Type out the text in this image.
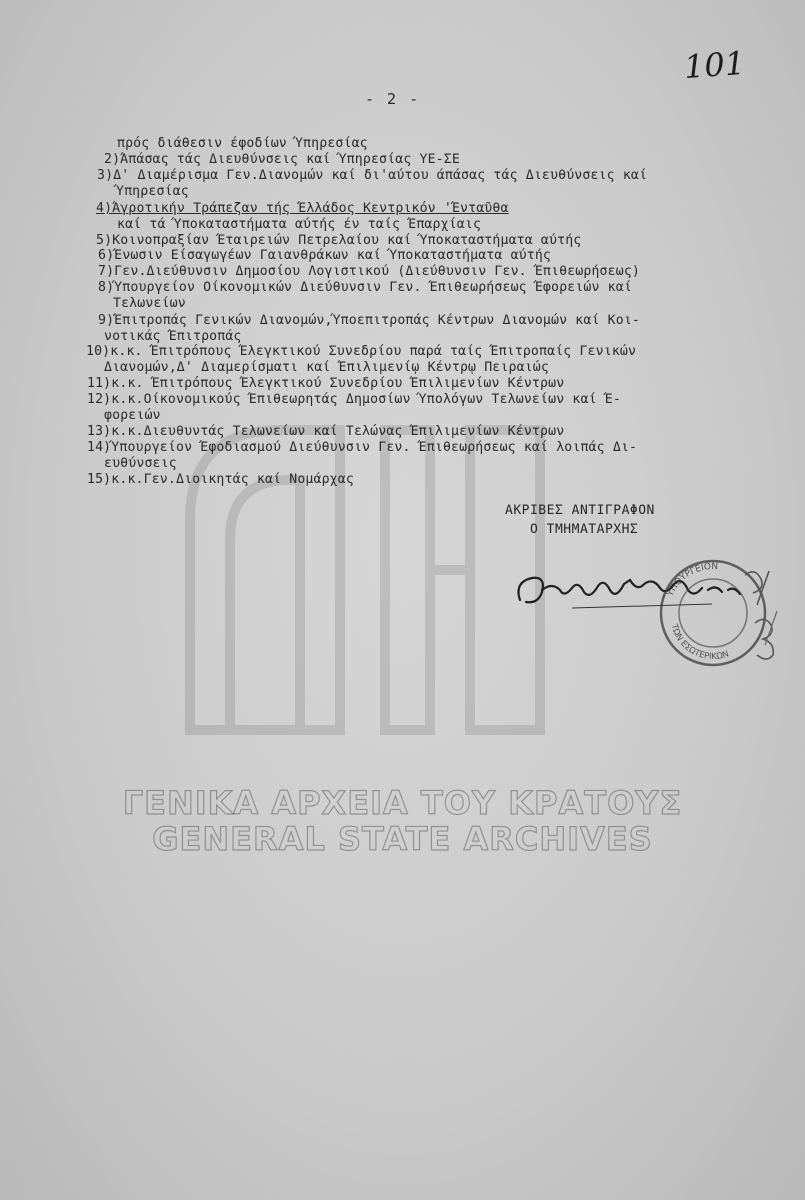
101
- 2 -
πρός διάθεσιν έφοδίων Ύπηρεσίας
2)Άπάσας τάς Διευθύνσεις καί Ύπηρεσίας ΥΕ-ΣΕ
3)Δ' Διαμέρισμα Γεν.Διανομών καί δι'αύτου άπάσας τάς Διευθύνσεις καί
Ύπηρεσίας
4)Άγροτικήν Τράπεζαν τής Έλλάδος Κεντρικόν 'Ένταῦθα
καί τά Ύποκαταστήματα αύτής έν ταίς Έπαρχίαις
5)Κοινοπραξίαν Έταιρειών Πετρελαίου καί Ύποκαταστήματα αύτής
6)Ένωσιν Είσαγωγέων Γαιανθράκων καί Ύποκαταστήματα αύτής
7)Γεν.Διεύθυνσιν Δημοσίου Λογιστικού (Διεύθυνσιν Γεν. Έπιθεωρήσεως)
8)Ύπουργείον Οίκονομικών Διεύθυνσιν Γεν. Έπιθεωρήσεως Έφορειών καί
Τελωνείων
9)Έπιτροπάς Γενικών Διανομών,Ύποεπιτροπάς Κέντρων Διανομών καί Κοι-
νοτικάς Έπιτροπάς
10)κ.κ. Έπιτρόπους Έλεγκτικού Συνεδρίου παρά ταίς Έπιτροπαίς Γενικών
Διανομών,Δ' Διαμερίσματι καί Έπιλιμενίῳ Κέντρῳ Πειραιώς
11)κ.κ. Έπιτρόπους Έλεγκτικού Συνεδρίου Έπιλιμενίων Κέντρων
12)κ.κ.Οίκονομικούς Έπιθεωρητάς Δημοσίων Ύπολόγων Τελωνείων καί Έ-
φορειών
13)κ.κ.Διευθυντάς Τελωνείων καί Τελώνας Έπιλιμενίων Κέντρων
14)Ύπουργείον Έφοδιασμού Διεύθυνσιν Γεν. Έπιθεωρήσεως καί λοιπάς Δι-
ευθύνσεις
15)κ.κ.Γεν.Διοικητάς καί Νομάρχας
ΑΚΡΙΒΕΣ ΑΝΤΙΓΡΑΦΟΝ
Ο ΤΜΗΜΑΤΑΡΧΗΣ
ΥΠΟΥΡΓΕΙΟΝ
ΤΩΝ ΕΣΩΤΕΡΙΚΩΝ
ΓΕΝΙΚΑ ΑΡΧΕΙΑ ΤΟΥ ΚΡΑΤΟΥΣ
GENERAL STATE ARCHIVES
